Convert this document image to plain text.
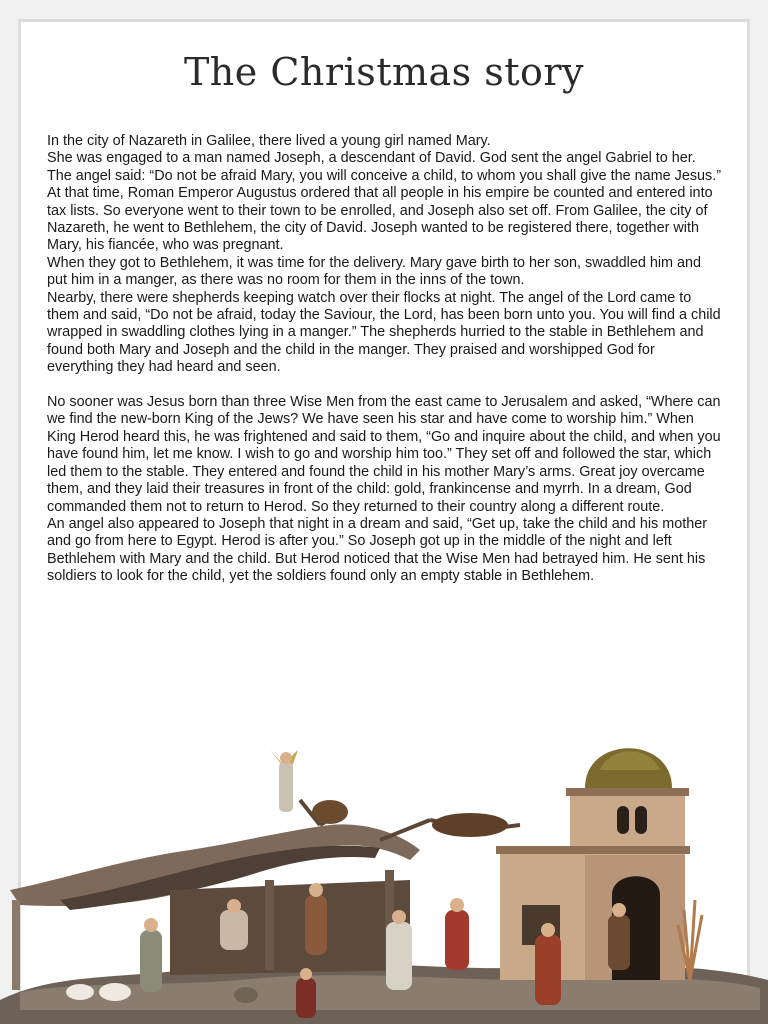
The Christmas story

In the city of Nazareth in Galilee, there lived a young girl named Mary.

She was engaged to a man named Joseph, a descendant of David. God sent the angel Gabriel to her. The angel said: “Do not be afraid Mary, you will conceive a child, to whom you shall give the name Jesus.”

At that time, Roman Emperor Augustus ordered that all people in his empire be counted and entered into tax lists. So everyone went to their town to be enrolled, and Joseph also set off. From Galilee, the city of Nazareth, he went to Bethlehem, the city of David. Joseph wanted to be registered there, together with Mary, his fiancée, who was pregnant.

When they got to Bethlehem, it was time for the delivery. Mary gave birth to her son, swaddled him and put him in a manger, as there was no room for them in the inns of the town.

Nearby, there were shepherds keeping watch over their flocks at night. The angel of the Lord came to them and said, “Do not be afraid, today the Saviour, the Lord, has been born unto you. You will find a child wrapped in swaddling clothes lying in a manger.” The shepherds hurried to the stable in Bethlehem and found both Mary and Joseph and the child in the manger. They praised and worshipped God for everything they had heard and seen.

No sooner was Jesus born than three Wise Men from the east came to Jerusalem and asked, “Where can we find the new-born King of the Jews? We have seen his star and have come to worship him.” When King Herod heard this, he was frightened and said to them, “Go and inquire about the child, and when you have found him, let me know. I wish to go and worship him too.” They set off and followed the star, which led them to the stable. They entered and found the child in his mother Mary’s arms. Great joy overcame them, and they laid their treasures in front of the child: gold, frankincense and myrrh. In a dream, God commanded them not to return to Herod. So they returned to their country along a different route.

An angel also appeared to Joseph that night in a dream and said, “Get up, take the child and his mother and go from here to Egypt. Herod is after you.” So Joseph got up in the middle of the night and left Bethlehem with Mary and the child. But Herod noticed that the Wise Men had betrayed him. He sent his soldiers to look for the child, yet the soldiers found only an empty stable in Bethlehem.
